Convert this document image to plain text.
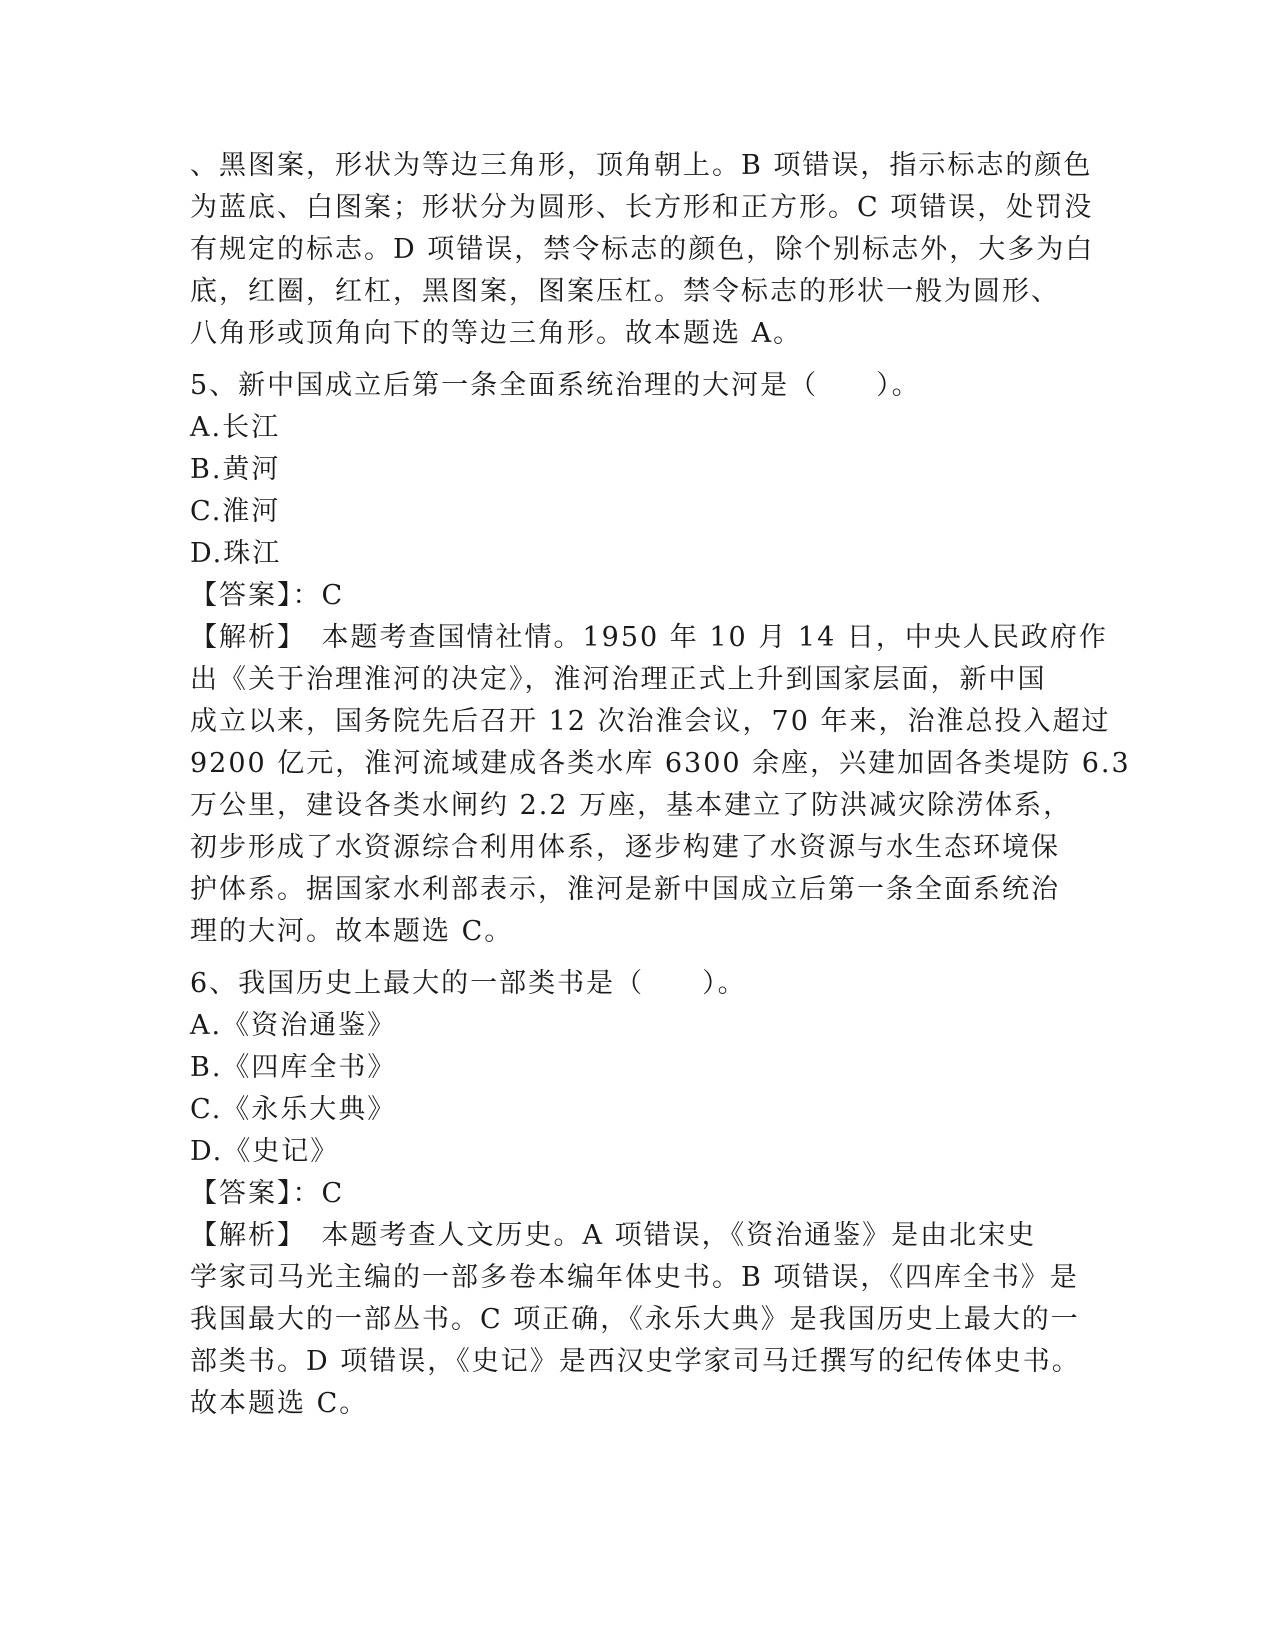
、黑图案，形状为等边三角形，顶角朝上。B 项错误，指示标志的颜色
为蓝底、白图案；形状分为圆形、长方形和正方形。C 项错误，处罚没
有规定的标志。D 项错误，禁令标志的颜色，除个别标志外，大多为白
底，红圈，红杠，黑图案，图案压杠。禁令标志的形状一般为圆形、
八角形或顶角向下的等边三角形。故本题选 A。
5、新中国成立后第一条全面系统治理的大河是（　　）。
A.长江
B.黄河
C.淮河
D.珠江
【答案】：C
【解析】　本题考查国情社情。1950 年 10 月 14 日，中央人民政府作
出《关于治理淮河的决定》，淮河治理正式上升到国家层面，新中国
成立以来，国务院先后召开 12 次治淮会议，70 年来，治淮总投入超过
9200 亿元，淮河流域建成各类水库 6300 余座，兴建加固各类堤防 6.3
万公里，建设各类水闸约 2.2 万座，基本建立了防洪减灾除涝体系，
初步形成了水资源综合利用体系，逐步构建了水资源与水生态环境保
护体系。据国家水利部表示，淮河是新中国成立后第一条全面系统治
理的大河。故本题选 C。
6、我国历史上最大的一部类书是（　　）。
A.《资治通鉴》
B.《四库全书》
C.《永乐大典》
D.《史记》
【答案】：C
【解析】　本题考查人文历史。A 项错误，《资治通鉴》是由北宋史
学家司马光主编的一部多卷本编年体史书。B 项错误，《四库全书》是
我国最大的一部丛书。C 项正确，《永乐大典》是我国历史上最大的一
部类书。D 项错误，《史记》是西汉史学家司马迁撰写的纪传体史书。
故本题选 C。
